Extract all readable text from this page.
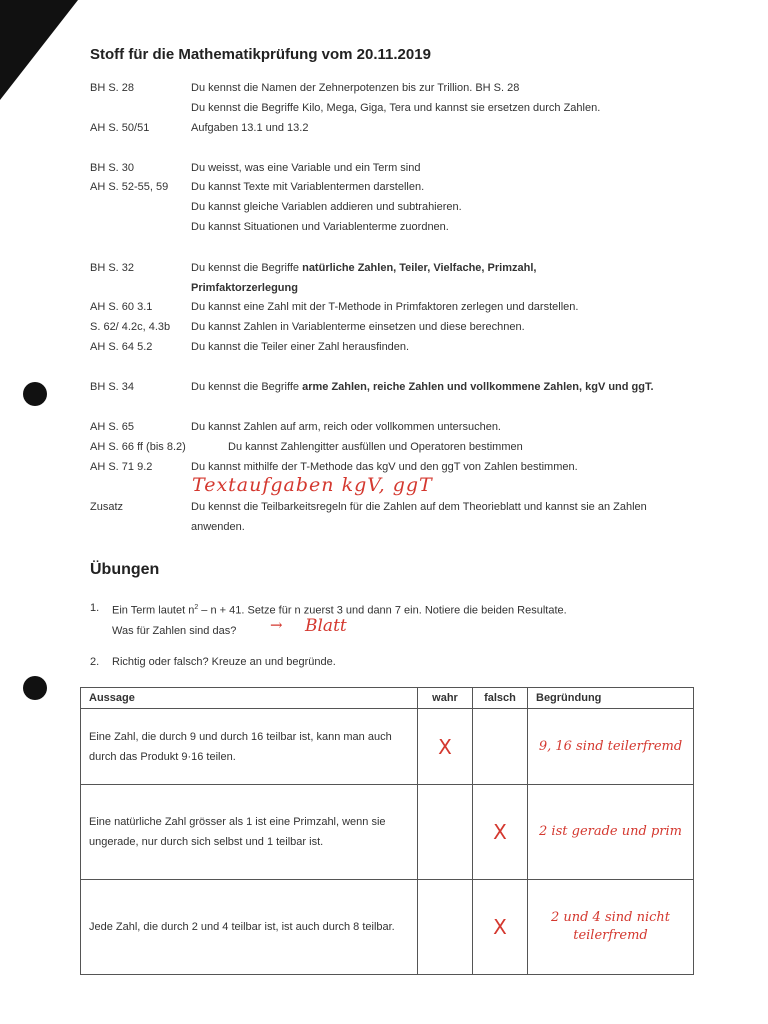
Stoff für die Mathematikprüfung vom 20.11.2019
BH S. 28	Du kennst die Namen der Zehnerpotenzen bis zur Trillion. BH S. 28
Du kennst die Begriffe Kilo, Mega, Giga, Tera und kannst sie ersetzen durch Zahlen.
AH S. 50/51	Aufgaben 13.1 und 13.2
BH S. 30	Du weisst, was eine Variable und ein Term sind
AH S. 52-55, 59 Du kannst Texte mit Variablentermen darstellen.
Du kannst gleiche Variablen addieren und subtrahieren.
Du kannst Situationen und Variablenterme zuordnen.
BH S. 32	Du kennst die Begriffe natürliche Zahlen, Teiler, Vielfache, Primzahl, Primfaktorzerlegung
AH S. 60 3.1	Du kannst eine Zahl mit der T-Methode in Primfaktoren zerlegen und darstellen.
S. 62/ 4.2c, 4.3b Du kannst Zahlen in Variablenterme einsetzen und diese berechnen.
AH S. 64 5.2	Du kannst die Teiler einer Zahl herausfinden.
BH S. 34	Du kennst die Begriffe arme Zahlen, reiche Zahlen und vollkommene Zahlen, kgV und ggT.
AH S. 65	Du kannst Zahlen auf arm, reich oder vollkommen untersuchen.
AH S. 66 ff (bis 8.2)	Du kannst Zahlengitter ausfüllen und Operatoren bestimmen
AH S. 71 9.2	Du kannst mithilfe der T-Methode das kgV und den ggT von Zahlen bestimmen.
Textaufgaben kgV, ggT
Zusatz	Du kennst die Teilbarkeitsregeln für die Zahlen auf dem Theorieblatt und kannst sie an Zahlen anwenden.
Übungen
1. Ein Term lautet $n^2 - n + 41$. Setze für n zuerst 3 und dann 7 ein. Notiere die beiden Resultate.
Was für Zahlen sind das?	→ Blatt
2. Richtig oder falsch? Kreuze an und begründe.
Aussage	wahr	falsch	Begründung
Eine Zahl, die durch 9 und durch 16 teilbar ist, kann man auch durch das Produkt 9·16 teilen.	X		9, 16 sind teilerfremd
Eine natürliche Zahl grösser als 1 ist eine Primzahl, wenn sie ungerade, nur durch sich selbst und 1 teilbar ist.		X	2 ist gerade und prim
Jede Zahl, die durch 2 und 4 teilbar ist, ist auch durch 8 teilbar.		X	2 und 4 sind nicht teilerfremd
